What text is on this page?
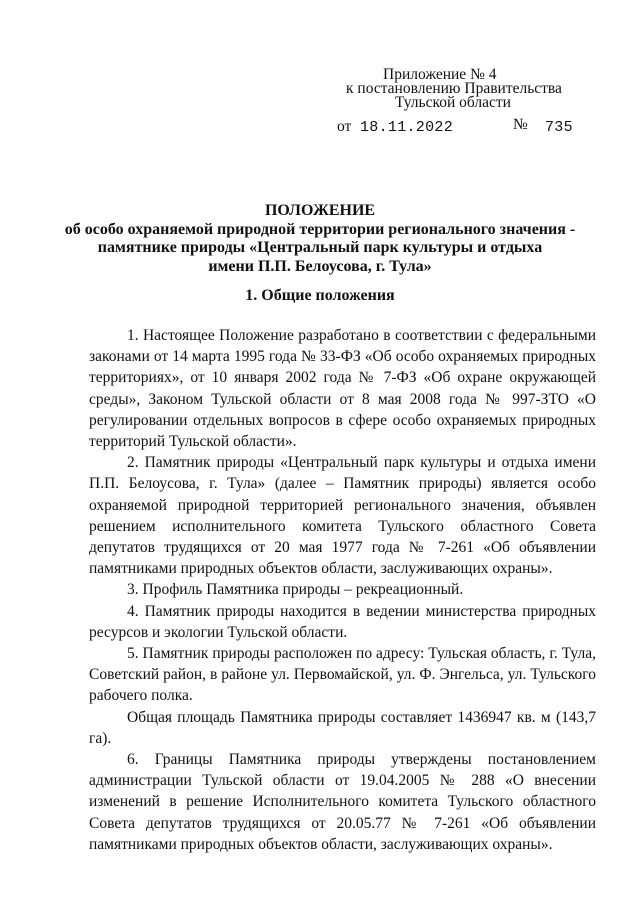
Приложение № 4
к постановлению Правительства
Тульской области
от 18.11.2022	№ 735
ПОЛОЖЕНИЕ
об особо охраняемой природной территории регионального значения -
памятнике природы «Центральный парк культуры и отдыха
имени П.П. Белоусова, г. Тула»
1. Общие положения

1. Настоящее Положение разработано в соответствии с федеральными законами от 14 марта 1995 года № 33-ФЗ «Об особо охраняемых природных территориях», от 10 января 2002 года № 7-ФЗ «Об охране окружающей среды», Законом Тульской области от 8 мая 2008 года № 997-ЗТО «О регулировании отдельных вопросов в сфере особо охраняемых природных территорий Тульской области».

2. Памятник природы «Центральный парк культуры и отдыха имени П.П. Белоусова, г. Тула» (далее – Памятник природы) является особо охраняемой природной территорией регионального значения, объявлен решением исполнительного комитета Тульского областного Совета депутатов трудящихся от 20 мая 1977 года № 7-261 «Об объявлении памятниками природных объектов области, заслуживающих охраны».

3. Профиль Памятника природы – рекреационный.

4. Памятник природы находится в ведении министерства природных ресурсов и экологии Тульской области.

5. Памятник природы расположен по адресу: Тульская область, г. Тула, Советский район, в районе ул. Первомайской, ул. Ф. Энгельса, ул. Тульского рабочего полка.

Общая площадь Памятника природы составляет 1436947 кв. м (143,7 га).

6. Границы Памятника природы утверждены постановлением администрации Тульской области от 19.04.2005 № 288 «О внесении изменений в решение Исполнительного комитета Тульского областного Совета депутатов трудящихся от 20.05.77 № 7-261 «Об объявлении памятниками природных объектов области, заслуживающих охраны».
